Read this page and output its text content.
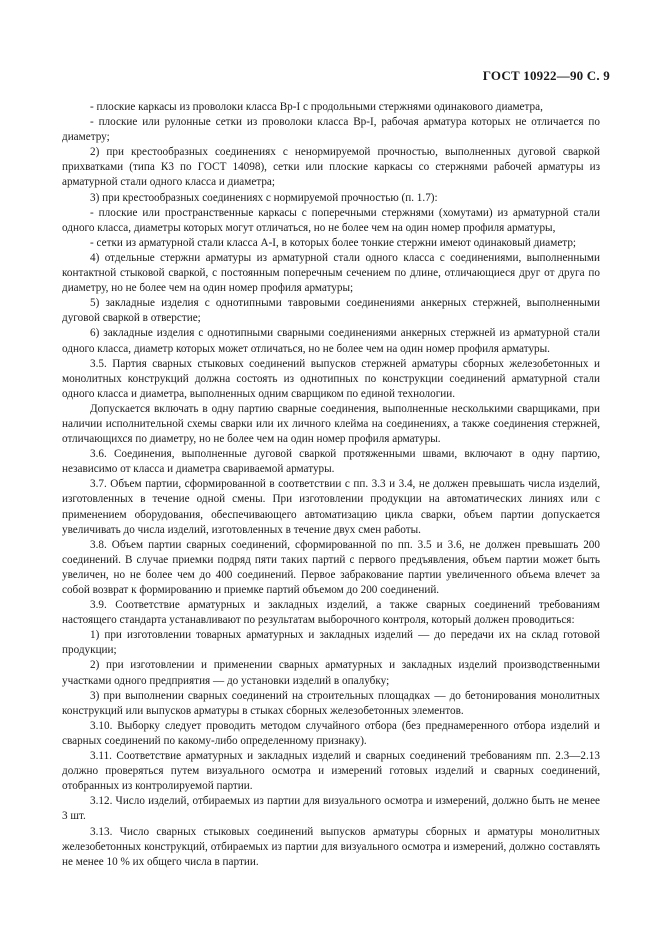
ГОСТ 10922—90 С. 9

- плоские каркасы из проволоки класса Вр-I с продольными стержнями одинакового диаметра,

- плоские или рулонные сетки из проволоки класса Вр-I, рабочая арматура которых не отличается по диаметру;

2) при крестообразных соединениях с ненормируемой прочностью, выполненных дуговой сваркой прихватками (типа К3 по ГОСТ 14098), сетки или плоские каркасы со стержнями рабочей арматуры из арматурной стали одного класса и диаметра;

3) при крестообразных соединениях с нормируемой прочностью (п. 1.7):

- плоские или пространственные каркасы с поперечными стержнями (хомутами) из арматурной стали одного класса, диаметры которых могут отличаться, но не более чем на один номер профиля арматуры,

- сетки из арматурной стали класса А-I, в которых более тонкие стержни имеют одинаковый диаметр;

4) отдельные стержни арматуры из арматурной стали одного класса с соединениями, выполненными контактной стыковой сваркой, с постоянным поперечным сечением по длине, отличающиеся друг от друга по диаметру, но не более чем на один номер профиля арматуры;

5) закладные изделия с однотипными тавровыми соединениями анкерных стержней, выполненными дуговой сваркой в отверстие;

6) закладные изделия с однотипными сварными соединениями анкерных стержней из арматурной стали одного класса, диаметр которых может отличаться, но не более чем на один номер профиля арматуры.

3.5. Партия сварных стыковых соединений выпусков стержней арматуры сборных железобетонных и монолитных конструкций должна состоять из однотипных по конструкции соединений арматурной стали одного класса и диаметра, выполненных одним сварщиком по единой технологии.

Допускается включать в одну партию сварные соединения, выполненные несколькими сварщиками, при наличии исполнительной схемы сварки или их личного клейма на соединениях, а также соединения стержней, отличающихся по диаметру, но не более чем на один номер профиля арматуры.

3.6. Соединения, выполненные дуговой сваркой протяженными швами, включают в одну партию, независимо от класса и диаметра свариваемой арматуры.

3.7. Объем партии, сформированной в соответствии с пп. 3.3 и 3.4, не должен превышать числа изделий, изготовленных в течение одной смены. При изготовлении продукции на автоматических линиях или с применением оборудования, обеспечивающего автоматизацию цикла сварки, объем партии допускается увеличивать до числа изделий, изготовленных в течение двух смен работы.

3.8. Объем партии сварных соединений, сформированной по пп. 3.5 и 3.6, не должен превышать 200 соединений. В случае приемки подряд пяти таких партий с первого предъявления, объем партии может быть увеличен, но не более чем до 400 соединений. Первое забракование партии увеличенного объема влечет за собой возврат к формированию и приемке партий объемом до 200 соединений.

3.9. Соответствие арматурных и закладных изделий, а также сварных соединений требованиям настоящего стандарта устанавливают по результатам выборочного контроля, который должен проводиться:

1) при изготовлении товарных арматурных и закладных изделий — до передачи их на склад готовой продукции;

2) при изготовлении и применении сварных арматурных и закладных изделий производственными участками одного предприятия — до установки изделий в опалубку;

3) при выполнении сварных соединений на строительных площадках — до бетонирования монолитных конструкций или выпусков арматуры в стыках сборных железобетонных элементов.

3.10. Выборку следует проводить методом случайного отбора (без преднамеренного отбора изделий и сварных соединений по какому-либо определенному признаку).

3.11. Соответствие арматурных и закладных изделий и сварных соединений требованиям пп. 2.3—2.13 должно проверяться путем визуального осмотра и измерений готовых изделий и сварных соединений, отобранных из контролируемой партии.

3.12. Число изделий, отбираемых из партии для визуального осмотра и измерений, должно быть не менее 3 шт.

3.13. Число сварных стыковых соединений выпусков арматуры сборных и арматуры монолитных железобетонных конструкций, отбираемых из партии для визуального осмотра и измерений, должно составлять не менее 10 % их общего числа в партии.
